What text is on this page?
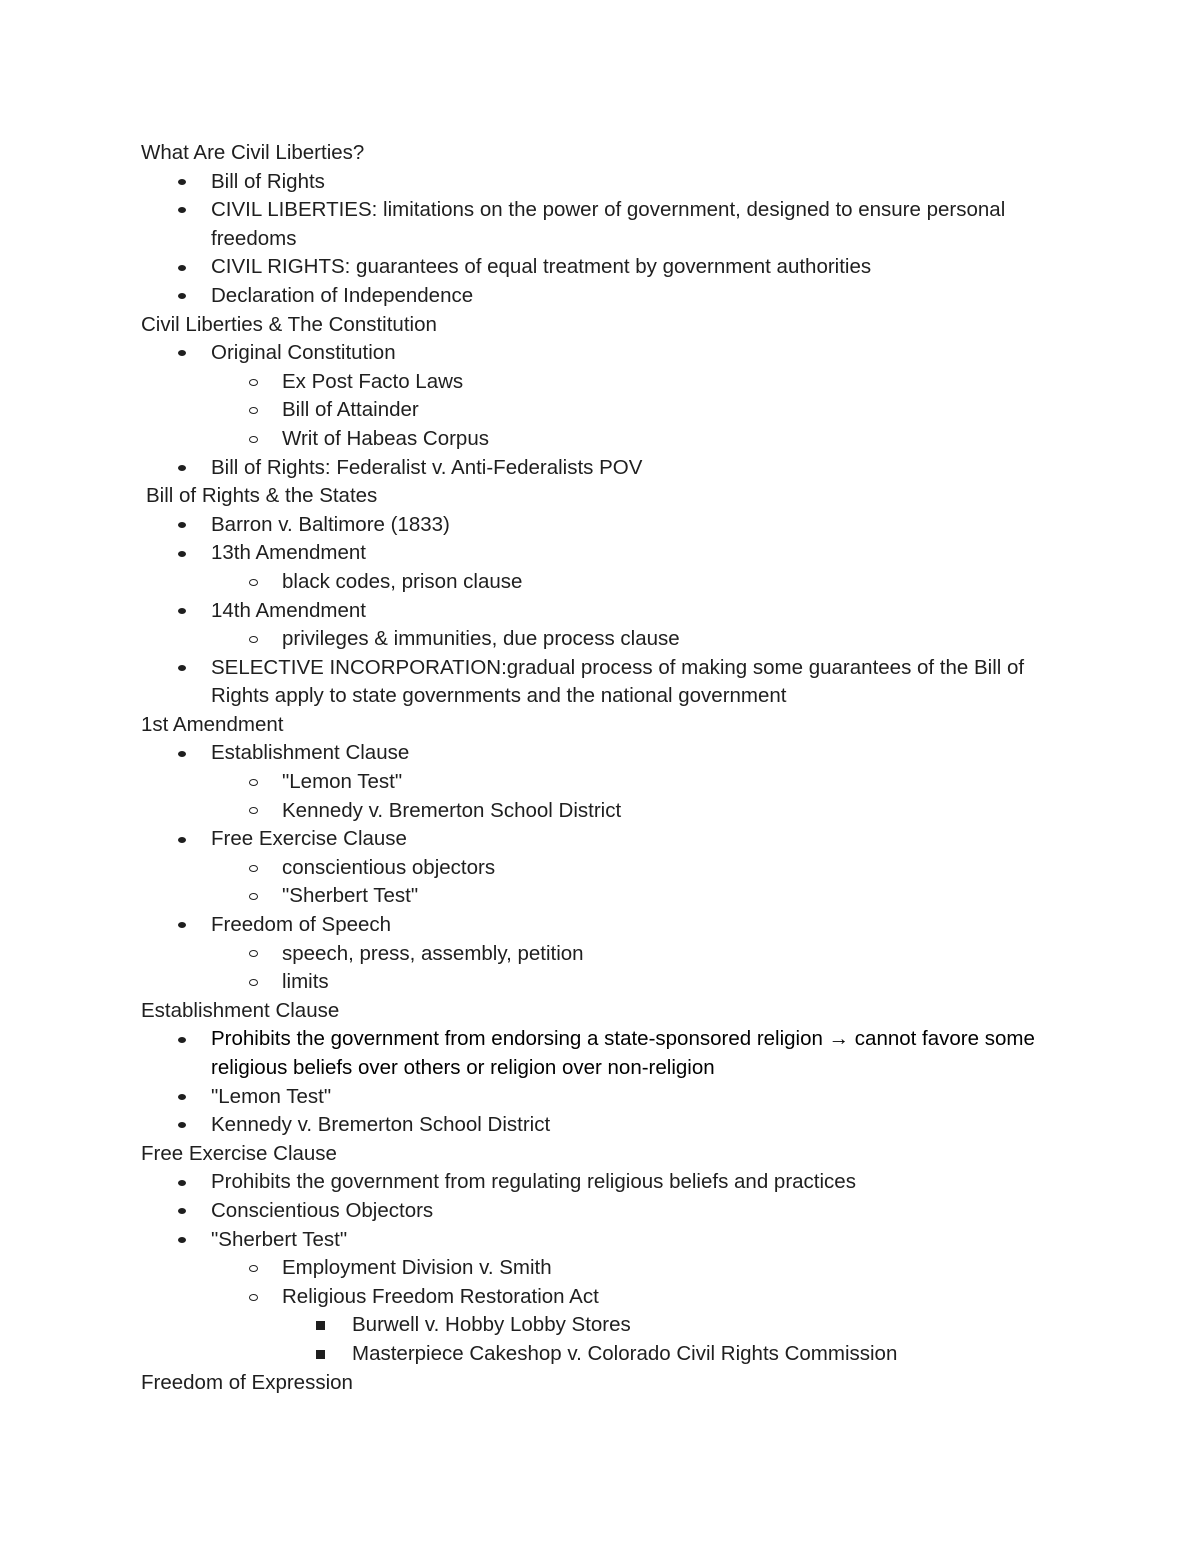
What Are Civil Liberties?
Bill of Rights
CIVIL LIBERTIES: limitations on the power of government, designed to ensure personal freedoms
CIVIL RIGHTS: guarantees of equal treatment by government authorities
Declaration of Independence
Civil Liberties & The Constitution
Original Constitution
Ex Post Facto Laws
Bill of Attainder
Writ of Habeas Corpus
Bill of Rights: Federalist v. Anti-Federalists POV
Bill of Rights & the States
Barron v. Baltimore (1833)
13th Amendment
black codes, prison clause
14th Amendment
privileges & immunities, due process clause
SELECTIVE INCORPORATION:gradual process of making some guarantees of the Bill of Rights apply to state governments and the national government
1st Amendment
Establishment Clause
"Lemon Test"
Kennedy v. Bremerton School District
Free Exercise Clause
conscientious objectors
"Sherbert Test"
Freedom of Speech
speech, press, assembly, petition
limits
Establishment Clause
Prohibits the government from endorsing a state-sponsored religion → cannot favore some religious beliefs over others or religion over non-religion
"Lemon Test"
Kennedy v. Bremerton School District
Free Exercise Clause
Prohibits the government from regulating religious beliefs and practices
Conscientious Objectors
"Sherbert Test"
Employment Division v. Smith
Religious Freedom Restoration Act
Burwell v. Hobby Lobby Stores
Masterpiece Cakeshop v. Colorado Civil Rights Commission
Freedom of Expression
